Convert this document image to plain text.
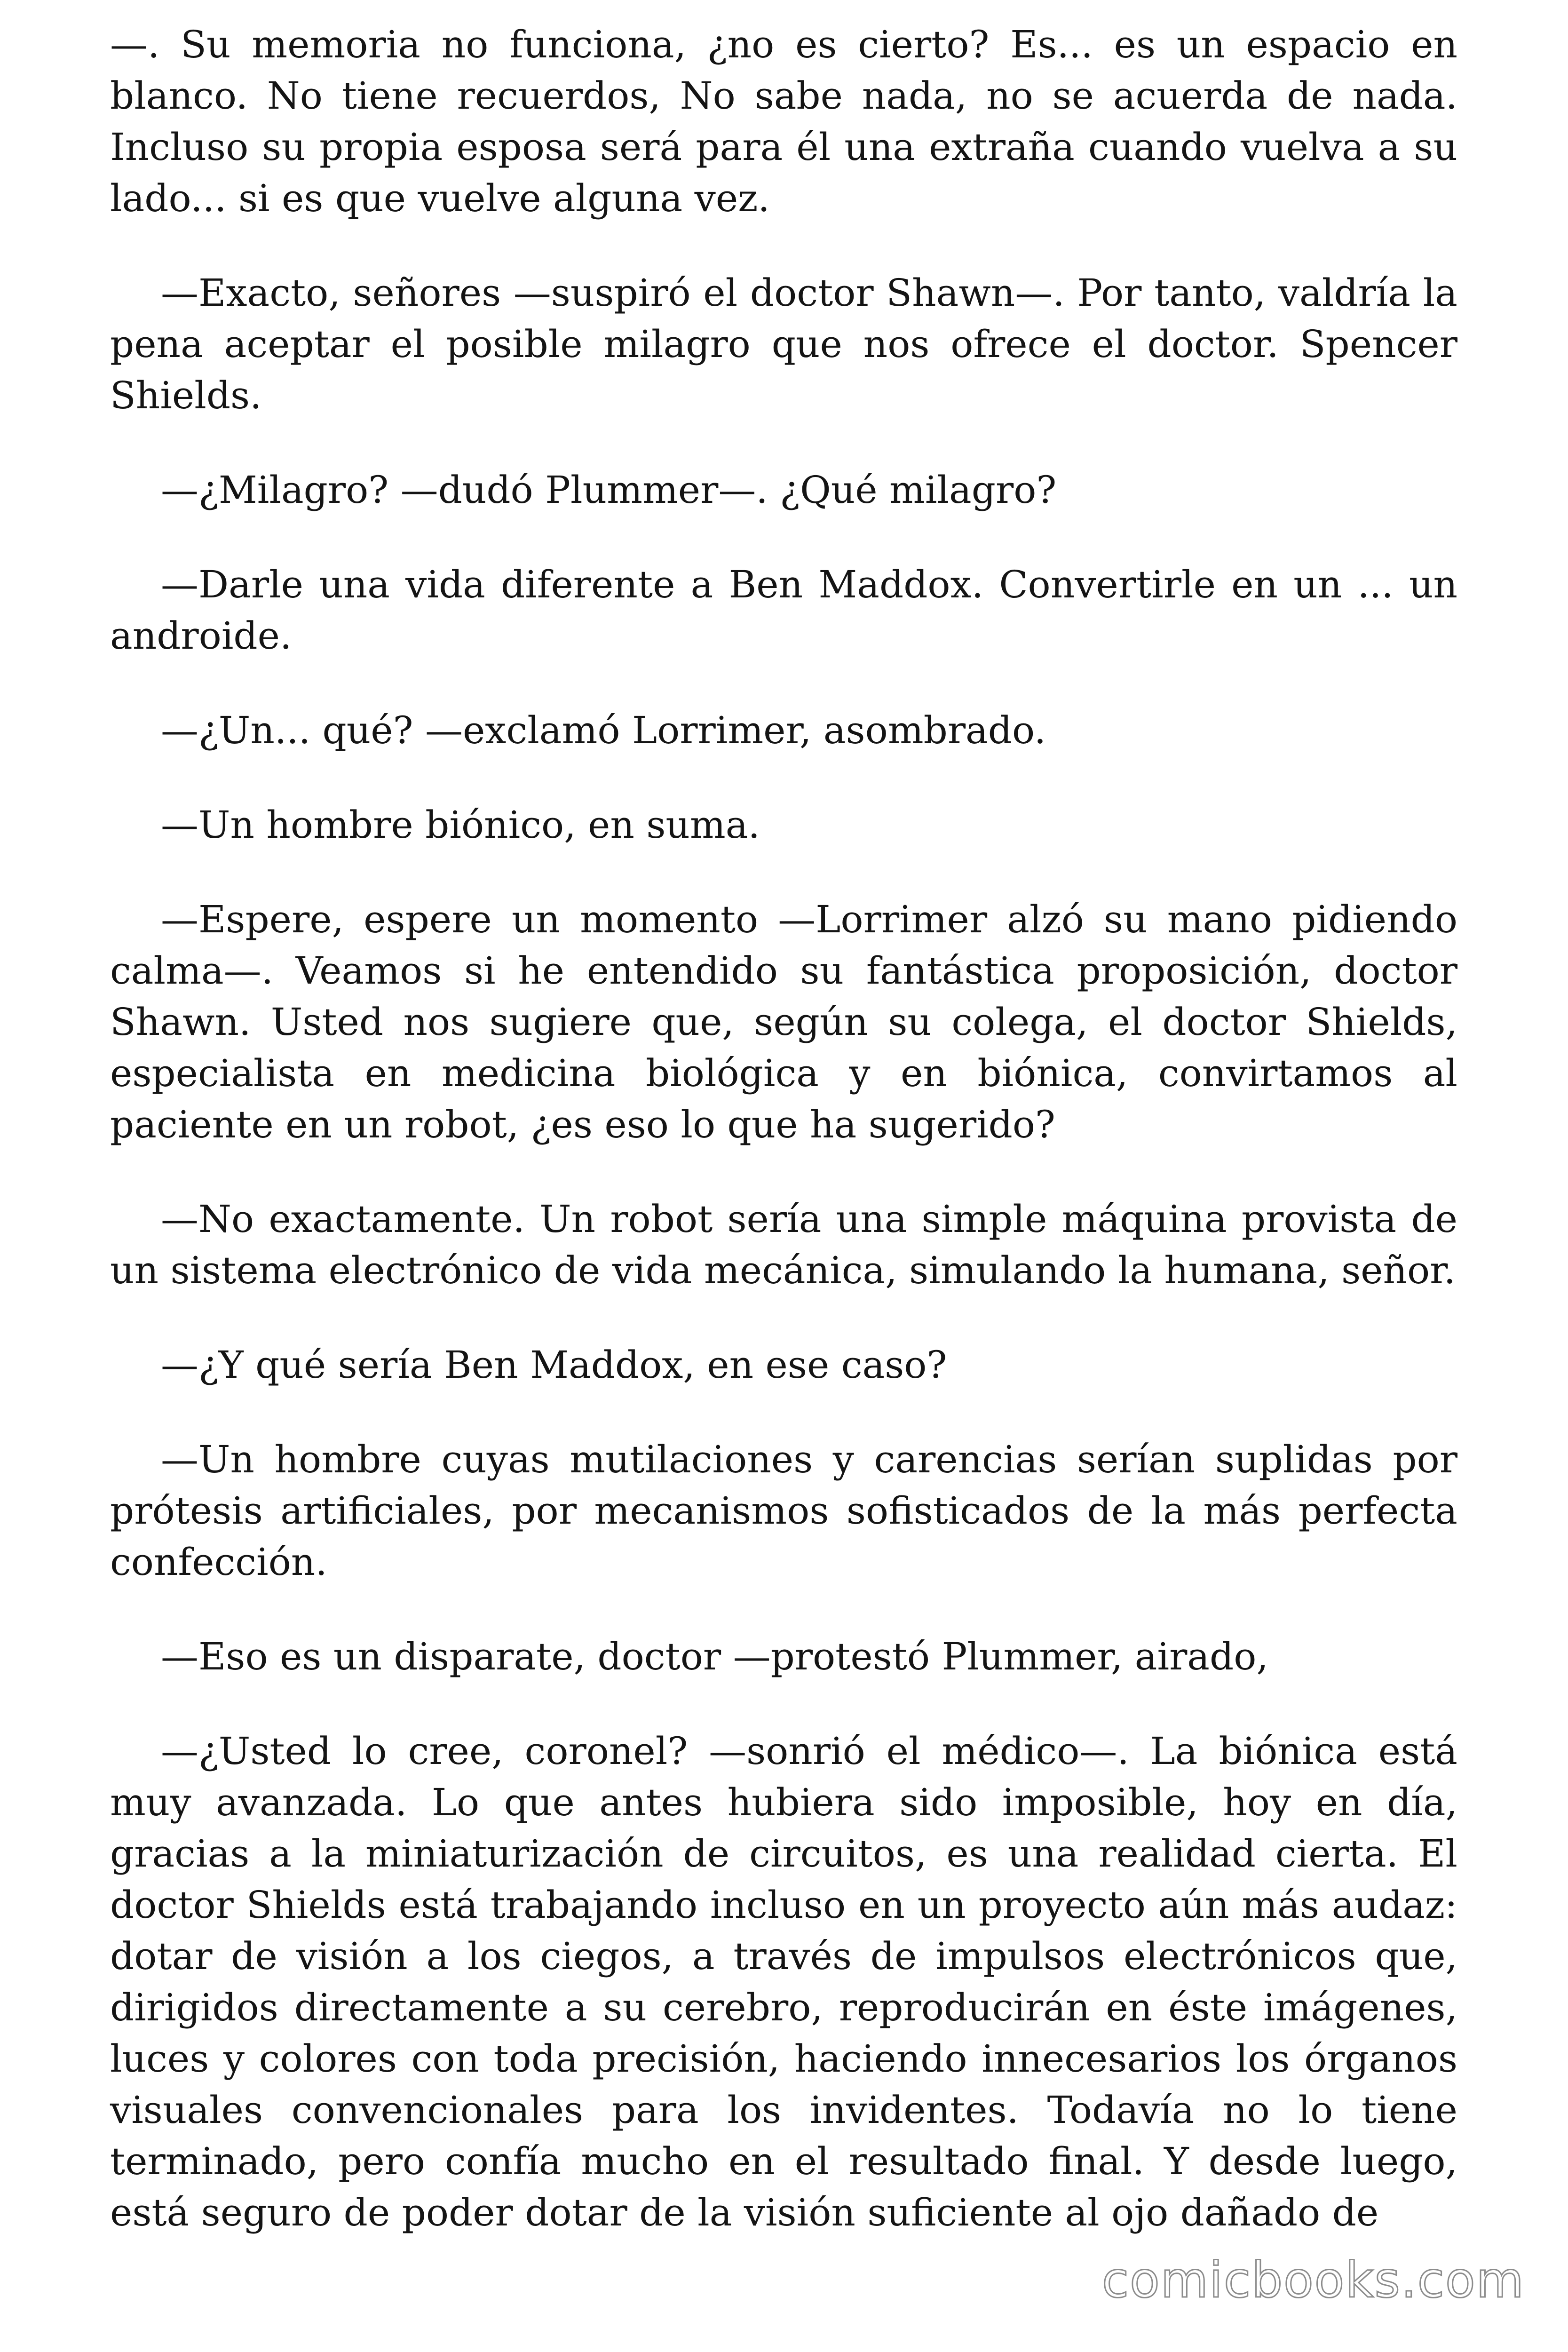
—. Su memoria no funciona, ¿no es cierto? Es... es un espacio en blanco. No tiene recuerdos, No sabe nada, no se acuerda de nada. Incluso su propia esposa será para él una extraña cuando vuelva a su lado... si es que vuelve alguna vez.

—Exacto, señores —suspiró el doctor Shawn—. Por tanto, valdría la pena aceptar el posible milagro que nos ofrece el doctor. Spencer Shields.

—¿Milagro? —dudó Plummer—. ¿Qué milagro?

—Darle una vida diferente a Ben Maddox. Convertirle en un ... un androide.

—¿Un... qué? —exclamó Lorrimer, asombrado.

—Un hombre biónico, en suma.

—Espere, espere un momento —Lorrimer alzó su mano pidiendo calma—. Veamos si he entendido su fantástica proposición, doctor Shawn. Usted nos sugiere que, según su colega, el doctor Shields, especialista en medicina biológica y en biónica, convirtamos al paciente en un robot, ¿es eso lo que ha sugerido?

—No exactamente. Un robot sería una simple máquina provista de un sistema electrónico de vida mecánica, simulando la humana, señor.

—¿Y qué sería Ben Maddox, en ese caso?

—Un hombre cuyas mutilaciones y carencias serían suplidas por prótesis artificiales, por mecanismos sofisticados de la más perfecta confección.

—Eso es un disparate, doctor —protestó Plummer, airado,

—¿Usted lo cree, coronel? —sonrió el médico—. La biónica está muy avanzada. Lo que antes hubiera sido imposible, hoy en día, gracias a la miniaturización de circuitos, es una realidad cierta. El doctor Shields está trabajando incluso en un proyecto aún más audaz: dotar de visión a los ciegos, a través de impulsos electrónicos que, dirigidos directamente a su cerebro, reproducirán en éste imágenes, luces y colores con toda precisión, haciendo innecesarios los órganos visuales convencionales para los invidentes. Todavía no lo tiene terminado, pero confía mucho en el resultado final. Y desde luego, está seguro de poder dotar de la visión suficiente al ojo dañado de

comicbooks.com
